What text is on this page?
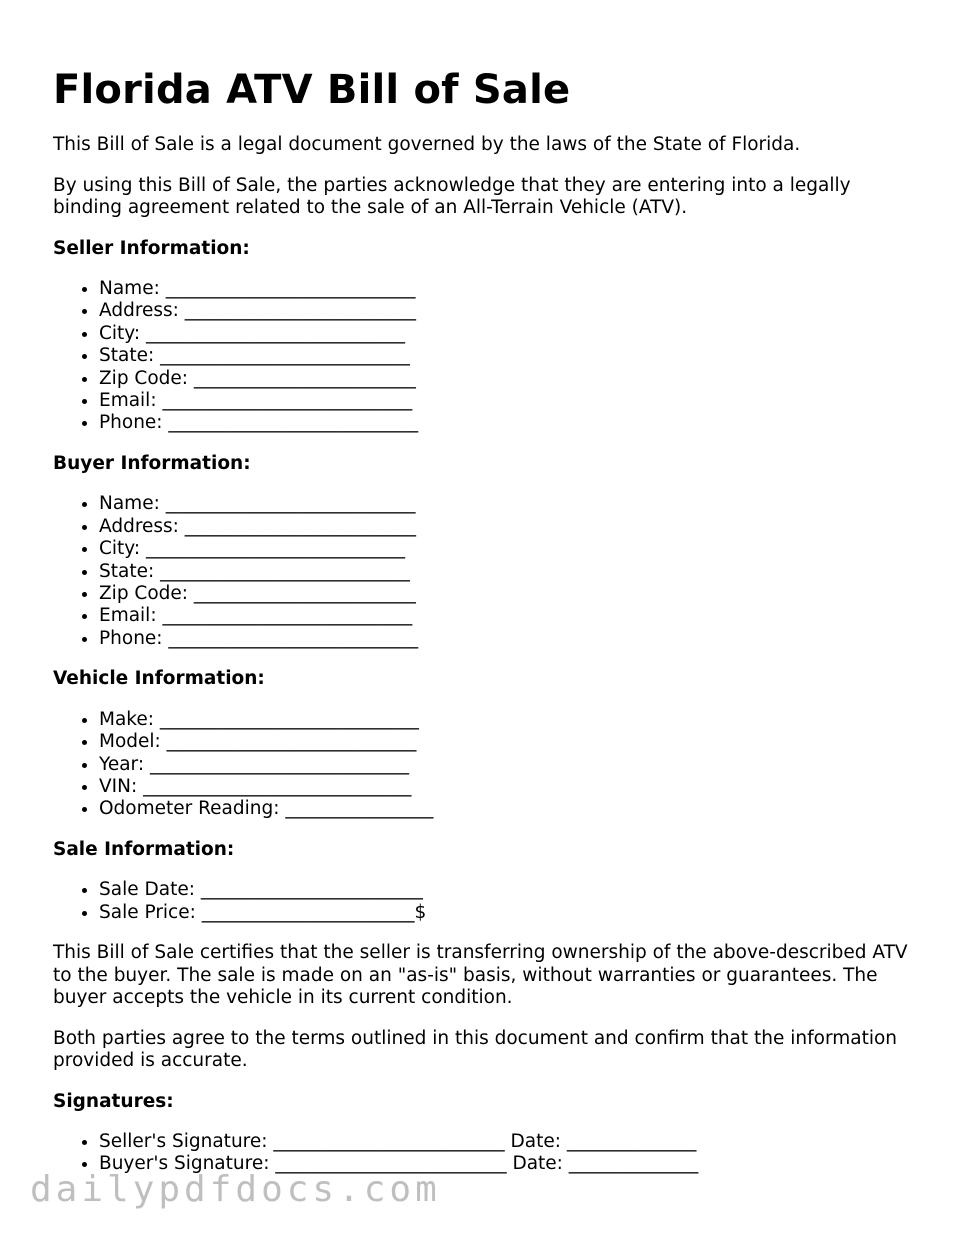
Florida ATV Bill of Sale

This Bill of Sale is a legal document governed by the laws of the State of Florida.

By using this Bill of Sale, the parties acknowledge that they are entering into a legally binding agreement related to the sale of an All-Terrain Vehicle (ATV).

Seller Information:
• Name: ___________________________
• Address: _________________________
• City: ____________________________
• State: ___________________________
• Zip Code: ________________________
• Email: ___________________________
• Phone: ___________________________
Buyer Information:
• Name: ___________________________
• Address: _________________________
• City: ____________________________
• State: ___________________________
• Zip Code: ________________________
• Email: ___________________________
• Phone: ___________________________
Vehicle Information:
• Make: ____________________________
• Model: ___________________________
• Year: ____________________________
• VIN: _____________________________
• Odometer Reading: ________________
Sale Information:
• Sale Date: ________________________
• Sale Price: _______________________$

This Bill of Sale certifies that the seller is transferring ownership of the above-described ATV to the buyer. The sale is made on an "as-is" basis, without warranties or guarantees. The buyer accepts the vehicle in its current condition.

Both parties agree to the terms outlined in this document and confirm that the information provided is accurate.

Signatures:
• Seller's Signature: _________________________ Date: ______________
• Buyer's Signature: _________________________ Date: ______________
dailypdfdocs.com
